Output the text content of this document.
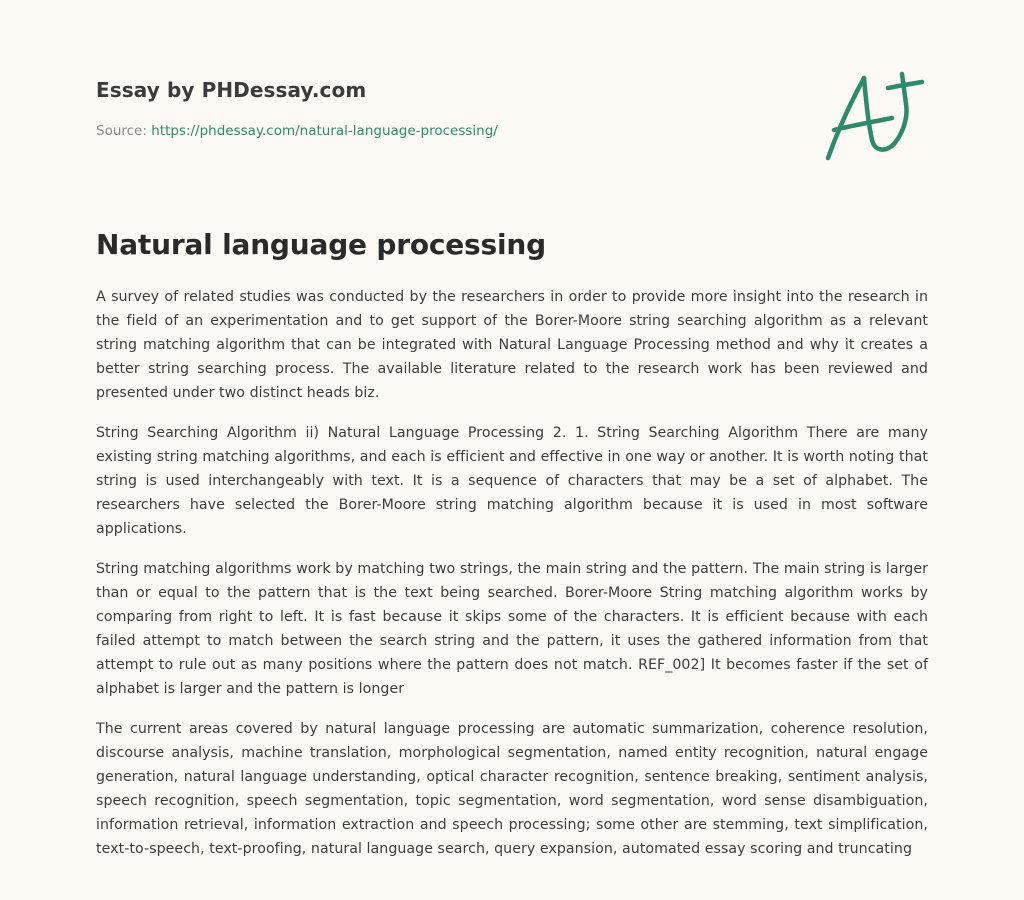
Essay by PHDessay.com
Source: https://phdessay.com/natural-language-processing/
Natural language processing

A survey of related studies was conducted by the researchers in order to provide more insight into the research in the field of an experimentation and to get support of the Borer-Moore string searching algorithm as a relevant string matching algorithm that can be integrated with Natural Language Processing method and why it creates a better string searching process. The available literature related to the research work has been reviewed and presented under two distinct heads biz.

String Searching Algorithm ii) Natural Language Processing 2. 1. String Searching Algorithm There are many existing string matching algorithms, and each is efficient and effective in one way or another. It is worth noting that string is used interchangeably with text. It is a sequence of characters that may be a set of alphabet. The researchers have selected the Borer-Moore string matching algorithm because it is used in most software applications.

String matching algorithms work by matching two strings, the main string and the pattern. The main string is larger than or equal to the pattern that is the text being searched. Borer-Moore String matching algorithm works by comparing from right to left. It is fast because it skips some of the characters. It is efficient because with each failed attempt to match between the search string and the pattern, it uses the gathered information from that attempt to rule out as many positions where the pattern does not match. REF_002] It becomes faster if the set of alphabet is larger and the pattern is longer

The current areas covered by natural language processing are automatic summarization, coherence resolution, discourse analysis, machine translation, morphological segmentation, named entity recognition, natural engage generation, natural language understanding, optical character recognition, sentence breaking, sentiment analysis, speech recognition, speech segmentation, topic segmentation, word segmentation, word sense disambiguation, information retrieval, information extraction and speech processing; some other are stemming, text simplification, text-to-speech, text-proofing, natural language search, query expansion, automated essay scoring and truncating
